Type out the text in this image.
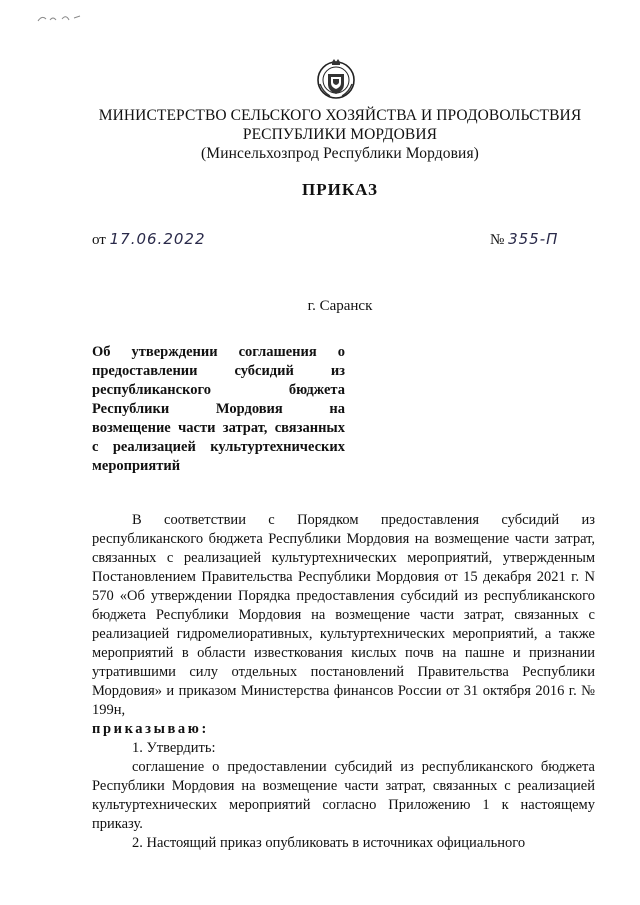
МИНИСТЕРСТВО СЕЛЬСКОГО ХОЗЯЙСТВА И ПРОДОВОЛЬСТВИЯ
РЕСПУБЛИКИ МОРДОВИЯ
(Минсельхозпрод Республики Мордовия)
ПРИКАЗ
от 17.06.2022	№ 355-П
г. Саранск
Об утверждении соглашения о
предоставлении субсидий из
республиканского бюджета
Республики Мордовия на
возмещение части затрат, связанных
с реализацией культуртехнических
мероприятий

В соответствии с Порядком предоставления субсидий из республиканского бюджета Республики Мордовия на возмещение части затрат, связанных с реализацией культуртехнических мероприятий, утвержденным Постановлением Правительства Республики Мордовия от 15 декабря 2021 г. N 570 «Об утверждении Порядка предоставления субсидий из республиканского бюджета Республики Мордовия на возмещение части затрат, связанных с реализацией гидромелиоративных, культуртехнических мероприятий, а также мероприятий в области известкования кислых почв на пашне и признании утратившими силу отдельных постановлений Правительства Республики Мордовия» и приказом Министерства финансов России от 31 октября 2016 г. № 199н,

приказываю:

1. Утвердить:

соглашение о предоставлении субсидий из республиканского бюджета Республики Мордовия на возмещение части затрат, связанных с реализацией культуртехнических мероприятий согласно Приложению 1 к настоящему приказу.

2. Настоящий приказ опубликовать в источниках официального
